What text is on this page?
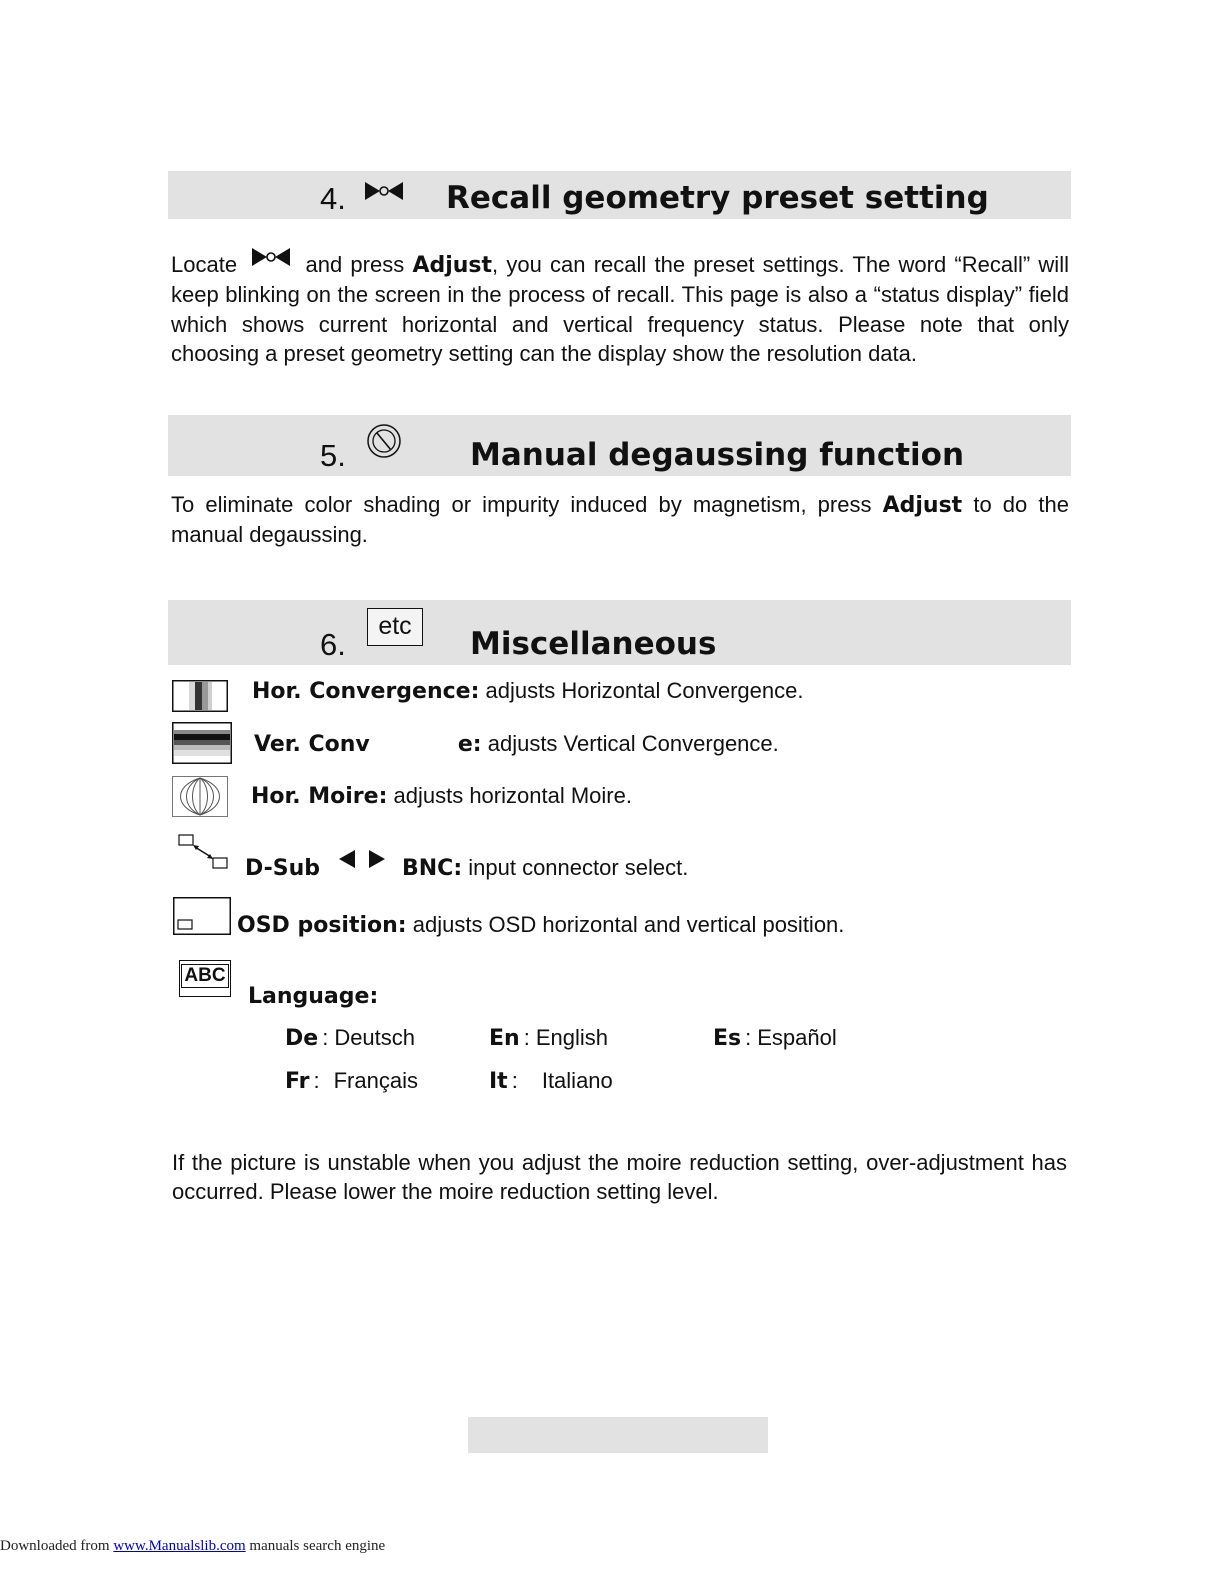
4.	Recall geometry preset setting
Locate	and press Adjust, you can recall the preset settings. The word “Recall” will keep blinking on the screen in the process of recall. This page is also a “status display” field which shows current horizontal and vertical frequency status. Please note that only choosing a preset geometry setting can the display show the resolution data.
5.	Manual degaussing function
To eliminate color shading or impurity induced by magnetism, press Adjust to do the manual degaussing.
6.
etc	Miscellaneous
Hor. Convergence: adjusts Horizontal Convergence.
Ver. Conv	e: adjusts Vertical Convergence.
Hor. Moire: adjusts horizontal Moire.
D-Sub	BNC: input connector select.
OSD position: adjusts OSD horizontal and vertical position.
ABC
Language:
De : Deutsch	En : English	Es : Español
Fr : Français	It : Italiano
If the picture is unstable when you adjust the moire reduction setting, over-adjustment has occurred. Please lower the moire reduction setting level.
Downloaded from www.Manualslib.com manuals search engine
